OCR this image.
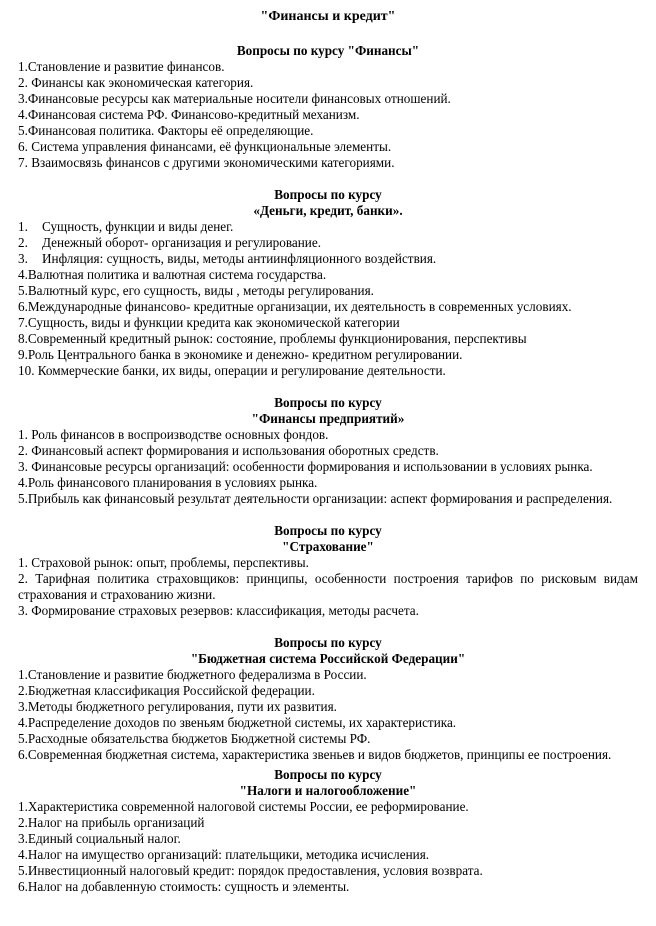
"Финансы и кредит"
Вопросы по курсу "Финансы"
1.Становление и развитие финансов.
2. Финансы как экономическая категория.
3.Финансовые ресурсы как материальные носители финансовых отношений.
4.Финансовая система РФ. Финансово-кредитный механизм.
5.Финансовая политика. Факторы её определяющие.
6. Система управления финансами, её функциональные элементы.
7. Взаимосвязь финансов с другими экономическими категориями.
Вопросы по курсу
«Деньги, кредит, банки».
1. Сущность, функции и виды денег.
2. Денежный оборот- организация и регулирование.
3. Инфляция: сущность, виды, методы антиинфляционного воздействия.
4.Валютная политика и валютная система государства.
5.Валютный курс, его сущность, виды , методы регулирования.
6.Международные финансово- кредитные организации, их деятельность в современных условиях.
7.Сущность, виды и функции кредита как экономической категории
8.Современный кредитный рынок: состояние, проблемы функционирования, перспективы
9.Роль Центрального банка в экономике и денежно- кредитном регулировании.
10. Коммерческие банки, их виды, операции и регулирование деятельности.
Вопросы по курсу
"Финансы предприятий»
1. Роль финансов в воспроизводстве основных фондов.
2. Финансовый аспект формирования и использования оборотных средств.
3. Финансовые ресурсы организаций: особенности формирования и использовании в условиях рынка.
4.Роль финансового планирования в условиях рынка.
5.Прибыль как финансовый результат деятельности организации: аспект формирования и распределения.
Вопросы по курсу
"Страхование"
1. Страховой рынок: опыт, проблемы, перспективы.
2. Тарифная политика страховщиков: принципы, особенности построения тарифов по рисковым видам страхования и страхованию жизни.
3. Формирование страховых резервов: классификация, методы расчета.
Вопросы по курсу
"Бюджетная система Российской Федерации"
1.Становление и развитие бюджетного федерализма в России.
2.Бюджетная классификация Российской федерации.
3.Методы бюджетного регулирования, пути их развития.
4.Распределение доходов по звеньям бюджетной системы, их характеристика.
5.Расходные обязательства бюджетов Бюджетной системы РФ.
6.Современная бюджетная система, характеристика звеньев и видов бюджетов, принципы ее построения.
Вопросы по курсу
"Налоги и налогообложение"
1.Характеристика современной налоговой системы России, ее реформирование.
2.Налог на прибыль организаций
3.Единый социальный налог.
4.Налог на имущество организаций: плательщики, методика исчисления.
5.Инвестиционный налоговый кредит: порядок предоставления, условия возврата.
6.Налог на добавленную стоимость: сущность и элементы.
